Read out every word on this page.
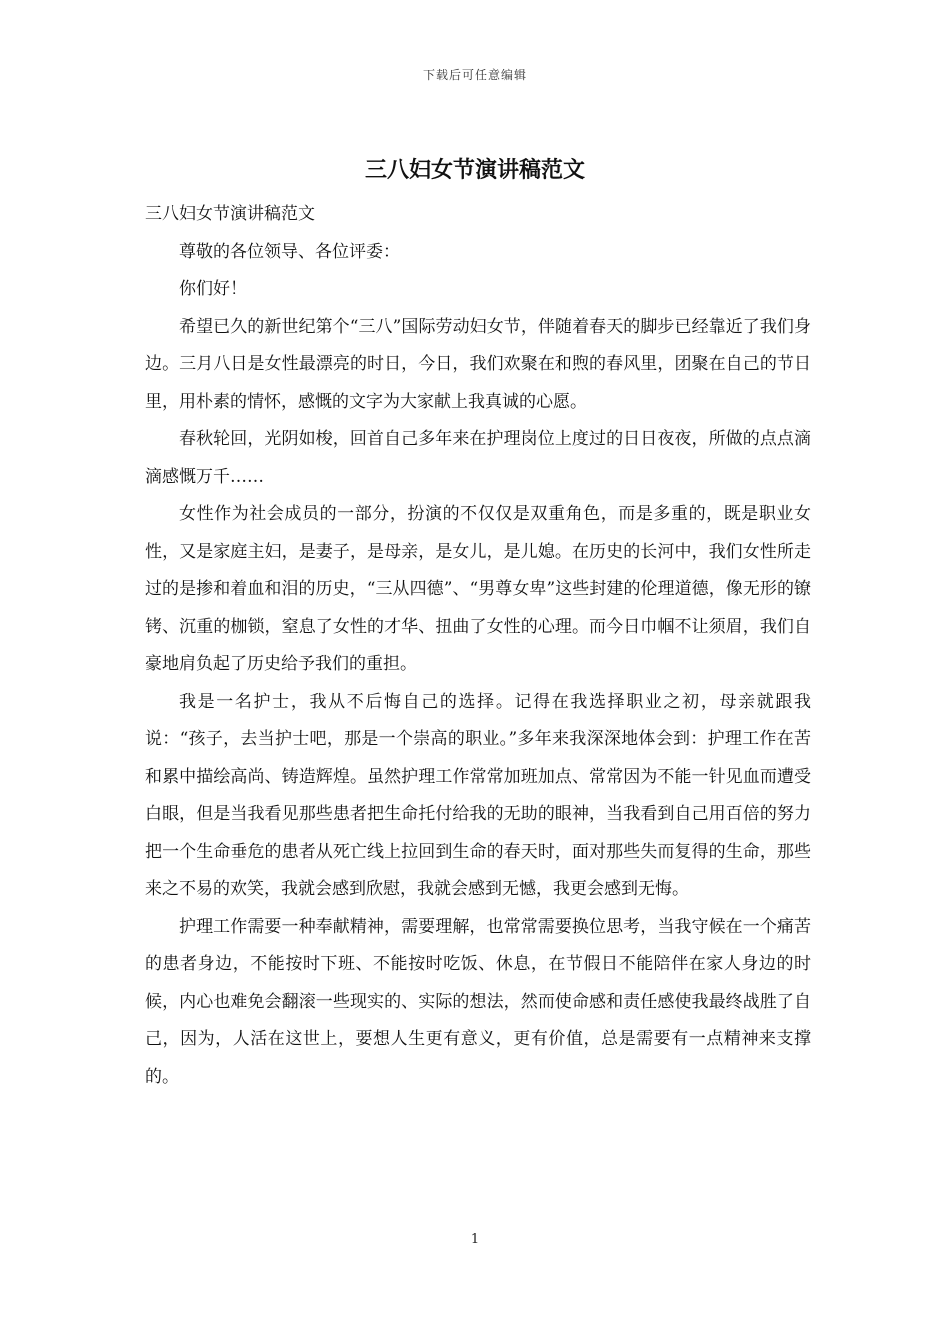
下载后可任意编辑
三八妇女节演讲稿范文

三八妇女节演讲稿范文

尊敬的各位领导、各位评委：

你们好！

希望已久的新世纪第个“三八”国际劳动妇女节，伴随着春天的脚步已经靠近了我们身边。三月八日是女性最漂亮的时日，今日，我们欢聚在和煦的春风里，团聚在自己的节日里，用朴素的情怀，感慨的文字为大家献上我真诚的心愿。

春秋轮回，光阴如梭，回首自己多年来在护理岗位上度过的日日夜夜，所做的点点滴滴感慨万千……

女性作为社会成员的一部分，扮演的不仅仅是双重角色，而是多重的，既是职业女性，又是家庭主妇，是妻子，是母亲，是女儿，是儿媳。在历史的长河中，我们女性所走过的是掺和着血和泪的历史，“三从四德”、“男尊女卑”这些封建的伦理道德，像无形的镣铐、沉重的枷锁，窒息了女性的才华、扭曲了女性的心理。而今日巾帼不让须眉，我们自豪地肩负起了历史给予我们的重担。

我是一名护士，我从不后悔自己的选择。记得在我选择职业之初，母亲就跟我说：“孩子，去当护士吧，那是一个崇高的职业。”多年来我深深地体会到：护理工作在苦和累中描绘高尚、铸造辉煌。虽然护理工作常常加班加点、常常因为不能一针见血而遭受白眼，但是当我看见那些患者把生命托付给我的无助的眼神，当我看到自己用百倍的努力把一个生命垂危的患者从死亡线上拉回到生命的春天时，面对那些失而复得的生命，那些来之不易的欢笑，我就会感到欣慰，我就会感到无憾，我更会感到无悔。

护理工作需要一种奉献精神，需要理解，也常常需要换位思考，当我守候在一个痛苦的患者身边，不能按时下班、不能按时吃饭、休息，在节假日不能陪伴在家人身边的时候，内心也难免会翻滚一些现实的、实际的想法，然而使命感和责任感使我最终战胜了自己，因为，人活在这世上，要想人生更有意义，更有价值，总是需要有一点精神来支撑的。

1
